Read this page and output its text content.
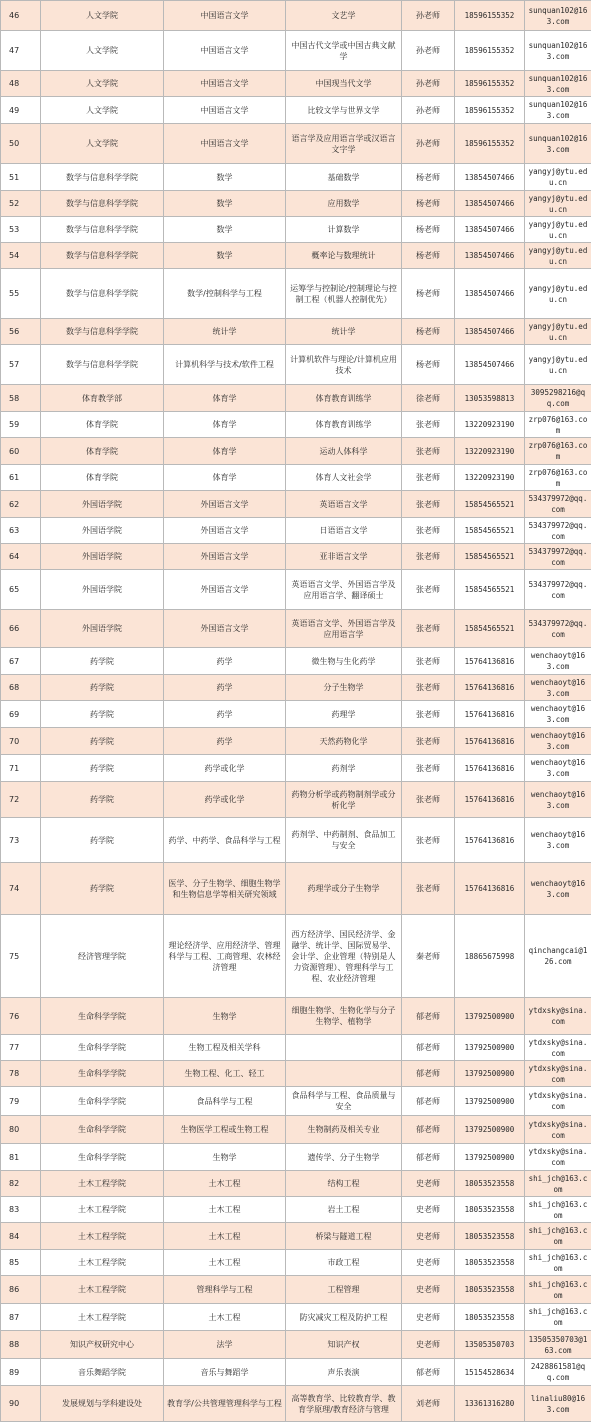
46	人文学院	中国语言文学	文艺学	孙老师	18596155352	sunquan102@163.com
47	人文学院	中国语言文学	中国古代文学或中国古典文献学	孙老师	18596155352	sunquan102@163.com
48	人文学院	中国语言文学	中国现当代文学	孙老师	18596155352	sunquan102@163.com
49	人文学院	中国语言文学	比较文学与世界文学	孙老师	18596155352	sunquan102@163.com
50	人文学院	中国语言文学	语言学及应用语言学或汉语言文字学	孙老师	18596155352	sunquan102@163.com
51	数学与信息科学学院	数学	基础数学	杨老师	13854507466	yangyj@ytu.edu.cn
52	数学与信息科学学院	数学	应用数学	杨老师	13854507466	yangyj@ytu.edu.cn
53	数学与信息科学学院	数学	计算数学	杨老师	13854507466	yangyj@ytu.edu.cn
54	数学与信息科学学院	数学	概率论与数理统计	杨老师	13854507466	yangyj@ytu.edu.cn
55	数学与信息科学学院	数学/控制科学与工程	运筹学与控制论/控制理论与控制工程（机器人控制优先）	杨老师	13854507466	yangyj@ytu.edu.cn
56	数学与信息科学学院	统计学	统计学	杨老师	13854507466	yangyj@ytu.edu.cn
57	数学与信息科学学院	计算机科学与技术/软件工程	计算机软件与理论/计算机应用技术	杨老师	13854507466	yangyj@ytu.edu.cn
58	体育教学部	体育学	体育教育训练学	徐老师	13053598813	3095298216@qq.com
59	体育学院	体育学	体育教育训练学	张老师	13220923190	zrp076@163.com
60	体育学院	体育学	运动人体科学	张老师	13220923190	zrp076@163.com
61	体育学院	体育学	体育人文社会学	张老师	13220923190	zrp076@163.com
62	外国语学院	外国语言文学	英语语言文学	张老师	15854565521	534379972@qq.com
63	外国语学院	外国语言文学	日语语言文学	张老师	15854565521	534379972@qq.com
64	外国语学院	外国语言文学	亚非语言文学	张老师	15854565521	534379972@qq.com
65	外国语学院	外国语言文学	英语语言文学、外国语言学及应用语言学、翻译硕士	张老师	15854565521	534379972@qq.com
66	外国语学院	外国语言文学	英语语言文学、外国语言学及应用语言学	张老师	15854565521	534379972@qq.com
67	药学院	药学	微生物与生化药学	张老师	15764136816	wenchaoyt@163.com
68	药学院	药学	分子生物学	张老师	15764136816	wenchaoyt@163.com
69	药学院	药学	药理学	张老师	15764136816	wenchaoyt@163.com
70	药学院	药学	天然药物化学	张老师	15764136816	wenchaoyt@163.com
71	药学院	药学或化学	药剂学	张老师	15764136816	wenchaoyt@163.com
72	药学院	药学或化学	药物分析学或药物制剂学或分析化学	张老师	15764136816	wenchaoyt@163.com
73	药学院	药学、中药学、食品科学与工程	药剂学、中药制剂、食品加工与安全	张老师	15764136816	wenchaoyt@163.com
74	药学院	医学、分子生物学、细胞生物学和生物信息学等相关研究领域	药理学或分子生物学	张老师	15764136816	wenchaoyt@163.com
75	经济管理学院	理论经济学、应用经济学、管理科学与工程、工商管理、农林经济管理	西方经济学、国民经济学、金融学、统计学、国际贸易学、会计学、企业管理（特别是人力资源管理）、管理科学与工程、农业经济管理	秦老师	18865675998	qinchangcai@126.com
76	生命科学学院	生物学	细胞生物学、生物化学与分子生物学、植物学	郁老师	13792500900	ytdxsky@sina.com
77	生命科学学院	生物工程及相关学科		郁老师	13792500900	ytdxsky@sina.com
78	生命科学学院	生物工程、化工、轻工		郁老师	13792500900	ytdxsky@sina.com
79	生命科学学院	食品科学与工程	食品科学与工程、食品质量与安全	郁老师	13792500900	ytdxsky@sina.com
80	生命科学学院	生物医学工程或生物工程	生物制药及相关专业	郁老师	13792500900	ytdxsky@sina.com
81	生命科学学院	生物学	遗传学、分子生物学	郁老师	13792500900	ytdxsky@sina.com
82	土木工程学院	土木工程	结构工程	史老师	18053523558	shi_jch@163.com
83	土木工程学院	土木工程	岩土工程	史老师	18053523558	shi_jch@163.com
84	土木工程学院	土木工程	桥梁与隧道工程	史老师	18053523558	shi_jch@163.com
85	土木工程学院	土木工程	市政工程	史老师	18053523558	shi_jch@163.com
86	土木工程学院	管理科学与工程	工程管理	史老师	18053523558	shi_jch@163.com
87	土木工程学院	土木工程	防灾减灾工程及防护工程	史老师	18053523558	shi_jch@163.com
88	知识产权研究中心	法学	知识产权	史老师	13505350703	13505350703@163.com
89	音乐舞蹈学院	音乐与舞蹈学	声乐表演	郁老师	15154528634	2428861581@qq.com
90	发展规划与学科建设处	教育学/公共管理管理科学与工程	高等教育学、比较教育学、教育学原理/教育经济与管理	刘老师	13361316280	linaliu80@163.com
